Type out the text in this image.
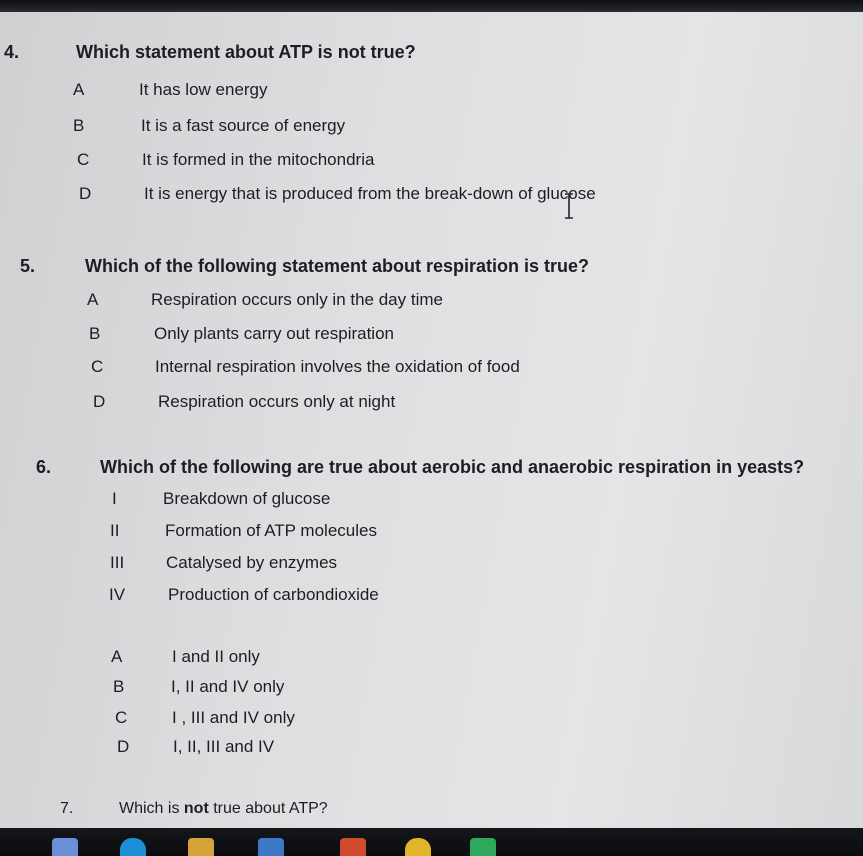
4.	Which statement about ATP is not true?
A	It has low energy
B	It is a fast source of energy
C	It is formed in the mitochondria
D	It is energy that is produced from the break-down of glucose
5.	Which of the following statement about respiration is true?
A	Respiration occurs only in the day time
B	Only plants carry out respiration
C	Internal respiration involves the oxidation of food
D	Respiration occurs only at night
6.	Which of the following are true about aerobic and anaerobic respiration in yeasts?
I	Breakdown of glucose
II	Formation of ATP molecules
III Catalysed by enzymes
IV	Production of carbondioxide
A	I and II only
B	I, II and IV only
C	I , III and IV only
D	I, II, III and IV
7.	Which is not true about ATP?
